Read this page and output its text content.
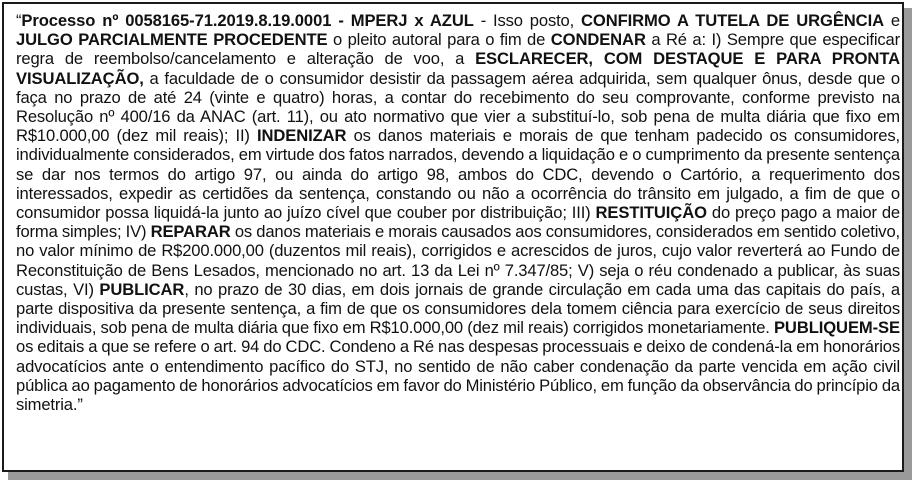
“Processo nº 0058165-71.2019.8.19.0001 - MPERJ x AZUL - Isso posto, CONFIRMO A TUTELA DE URGÊNCIA e JULGO PARCIALMENTE PROCEDENTE o pleito autoral para o fim de CONDENAR a Ré a: I) Sempre que especificar regra de reembolso/cancelamento e alteração de voo, a ESCLARECER, COM DESTAQUE E PARA PRONTA VISUALIZAÇÃO, a faculdade de o consumidor desistir da passagem aérea adquirida, sem qualquer ônus, desde que o faça no prazo de até 24 (vinte e quatro) horas, a contar do recebimento do seu comprovante, conforme previsto na Resolução nº 400/16 da ANAC (art. 11), ou ato normativo que vier a substituí-lo, sob pena de multa diária que fixo em R$10.000,00 (dez mil reais); II) INDENIZAR os danos materiais e morais de que tenham padecido os consumidores, individualmente considerados, em virtude dos fatos narrados, devendo a liquidação e o cumprimento da presente sentença se dar nos termos do artigo 97, ou ainda do artigo 98, ambos do CDC, devendo o Cartório, a requerimento dos interessados, expedir as certidões da sentença, constando ou não a ocorrência do trânsito em julgado, a fim de que o consumidor possa liquidá-la junto ao juízo cível que couber por distribuição; III) RESTITUIÇÃO do preço pago a maior de forma simples; IV) REPARAR os danos materiais e morais causados aos consumidores, considerados em sentido coletivo, no valor mínimo de R$200.000,00 (duzentos mil reais), corrigidos e acrescidos de juros, cujo valor reverterá ao Fundo de Reconstituição de Bens Lesados, mencionado no art. 13 da Lei nº 7.347/85; V) seja o réu condenado a publicar, às suas custas, VI) PUBLICAR, no prazo de 30 dias, em dois jornais de grande circulação em cada uma das capitais do país, a parte dispositiva da presente sentença, a fim de que os consumidores dela tomem ciência para exercício de seus direitos individuais, sob pena de multa diária que fixo em R$10.000,00 (dez mil reais) corrigidos monetariamente. PUBLIQUEM-SE os editais a que se refere o art. 94 do CDC. Condeno a Ré nas despesas processuais e deixo de condená-la em honorários advocatícios ante o entendimento pacífico do STJ, no sentido de não caber condenação da parte vencida em ação civil pública ao pagamento de honorários advocatícios em favor do Ministério Público, em função da observância do princípio da simetria.”
